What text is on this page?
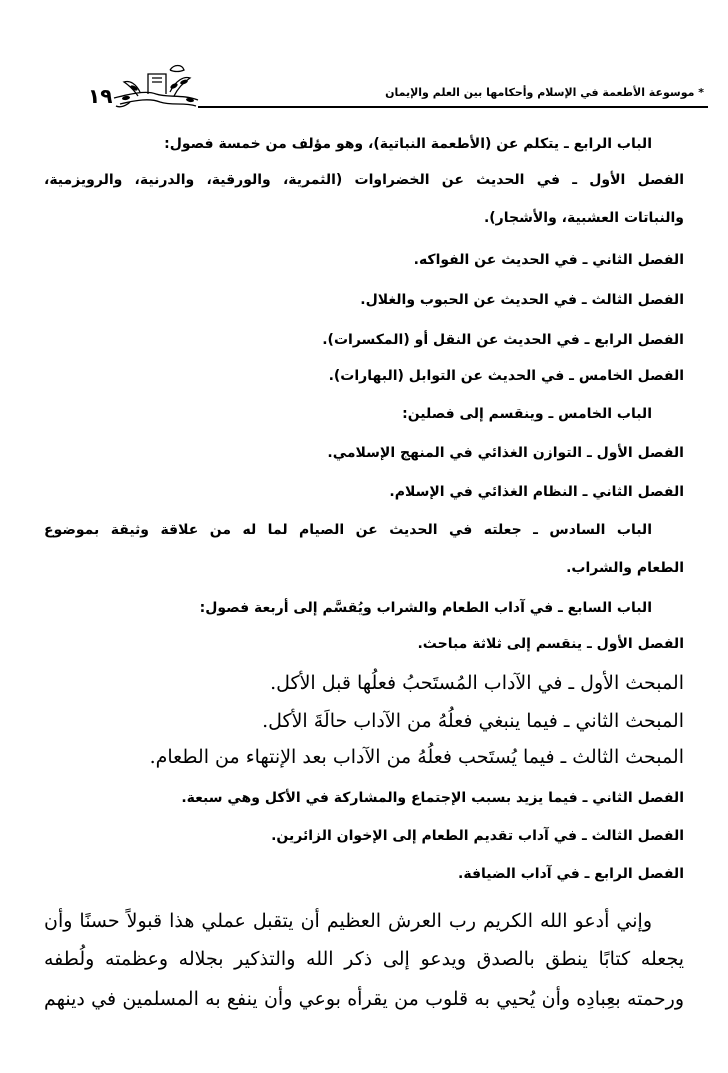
١٩	* موسوعة الأطعمة في الإسلام وأحكامها بين العلم والإيمان
الباب الرابع ـ يتكلم عن (الأطعمة النباتية)، وهو مؤلف من خمسة فصول:
الفصل الأول ـ في الحديث عن الخضراوات (الثمرية، والورقية، والدرنية، والرويزمية،
والنباتات العشبية، والأشجار).
الفصل الثاني ـ في الحديث عن الفواكه.
الفصل الثالث ـ في الحديث عن الحبوب والغلال.
الفصل الرابع ـ في الحديث عن النقل أو (المكسرات).
الفصل الخامس ـ في الحديث عن التوابل (البهارات).
الباب الخامس ـ وينقسم إلى فصلين:
الفصل الأول ـ التوازن الغذائي في المنهج الإسلامي.
الفصل الثاني ـ النظام الغذائي في الإسلام.
الباب السادس ـ جعلته في الحديث عن الصيام لما له من علاقة وثيقة بموضوع
الطعام والشراب.
الباب السابع ـ في آداب الطعام والشراب ويُقسَّم إلى أربعة فصول:
الفصل الأول ـ ينقسم إلى ثلاثة مباحث.
المبحث الأول ـ في الآداب المُستَحبُ فعلُها قبل الأكل.
المبحث الثاني ـ فيما ينبغي فعلُهُ من الآداب حالَةَ الأكل.
المبحث الثالث ـ فيما يُستَحب فعلُهُ من الآداب بعد الإنتهاء من الطعام.
الفصل الثاني ـ فيما يزيد بسبب الإجتماع والمشاركة في الأكل وهي سبعة.
الفصل الثالث ـ في آداب تقديم الطعام إلى الإخوان الزائرين.
الفصل الرابع ـ في آداب الضيافة.
وإني أدعو الله الكريم رب العرش العظيم أن يتقبل عملي هذا قبولاً حسنًا وأن
يجعله كتابًا ينطق بالصدق ويدعو إلى ذكر الله والتذكير بجلاله وعظمته ولُطفه
ورحمته بعِبادِه وأن يُحيي به قلوب من يقرأه بوعي وأن ينفع به المسلمين في دينهم
